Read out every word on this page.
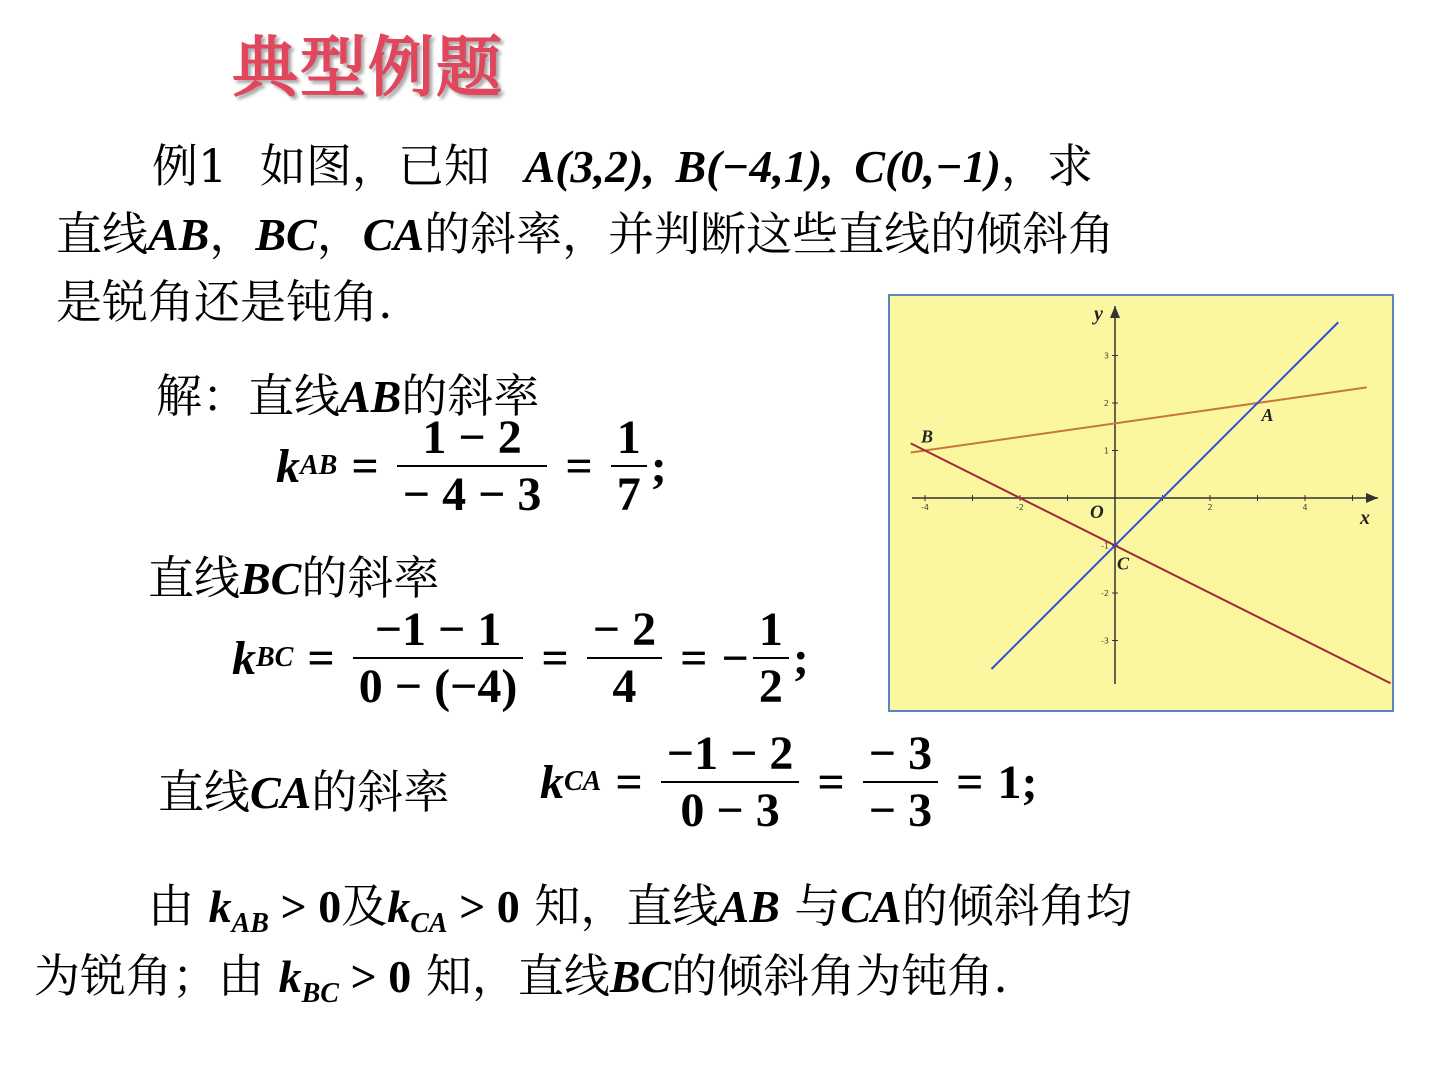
典型例题
例1 如图，已知 A(3,2), B(−4,1), C(0,−1)，求
直线AB，BC，CA的斜率，并判断这些直线的倾斜角
是锐角还是钝角.
解：直线AB的斜率
k AB = $\frac{1 - 2}{- 4 - 3} = \frac{1}{7}$ ;
直线BC的斜率
k BC = $\frac{-1 - 1}{0 - (-4)} = \frac{- 2}{4}$ = − $\frac{1}{2}$ ;
直线CA的斜率 k CA = $\frac{-1 - 2}{0 - 3} = \frac{- 3}{- 3} = 1$;
由 $k_{AB} > 0$及$k_{CA} > 0$ 知，直线AB 与CA的倾斜角均
为锐角；由 $k_{BC} > 0$ 知，直线BC的倾斜角为钝角.
-4	-2	2	4
3
2
1
-1
-2
-3
x
y
O
A
B
C
